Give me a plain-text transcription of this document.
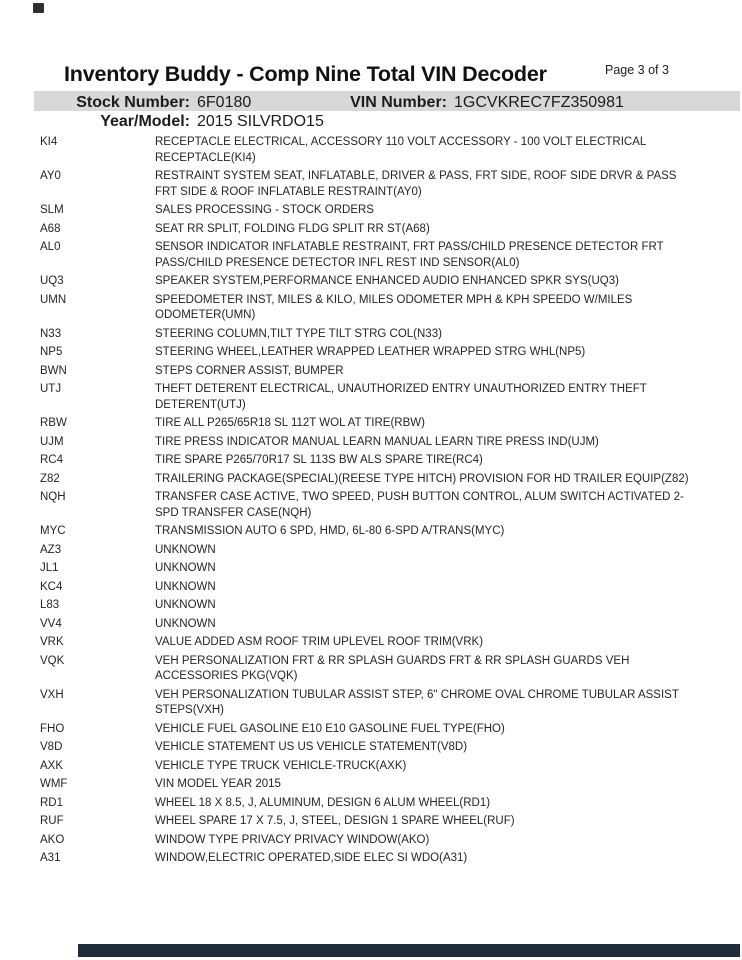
Inventory Buddy - Comp Nine Total VIN Decoder	Page 3 of 3
Stock Number: 6F0180	VIN Number: 1GCVKREC7FZ350981
Year/Model: 2015 SILVRDO15
KI4	RECEPTACLE ELECTRICAL, ACCESSORY 110 VOLT ACCESSORY - 100 VOLT ELECTRICAL RECEPTACLE(KI4)
AY0	RESTRAINT SYSTEM SEAT, INFLATABLE, DRIVER & PASS, FRT SIDE, ROOF SIDE DRVR & PASS FRT SIDE & ROOF INFLATABLE RESTRAINT(AY0)
SLM	SALES PROCESSING - STOCK ORDERS
A68	SEAT RR SPLIT, FOLDING FLDG SPLIT RR ST(A68)
AL0	SENSOR INDICATOR INFLATABLE RESTRAINT, FRT PASS/CHILD PRESENCE DETECTOR FRT PASS/CHILD PRESENCE DETECTOR INFL REST IND SENSOR(AL0)
UQ3	SPEAKER SYSTEM,PERFORMANCE ENHANCED AUDIO ENHANCED SPKR SYS(UQ3)
UMN	SPEEDOMETER INST, MILES & KILO, MILES ODOMETER MPH & KPH SPEEDO W/MILES ODOMETER(UMN)
N33	STEERING COLUMN,TILT TYPE TILT STRG COL(N33)
NP5	STEERING WHEEL,LEATHER WRAPPED LEATHER WRAPPED STRG WHL(NP5)
BWN	STEPS CORNER ASSIST, BUMPER
UTJ	THEFT DETERENT ELECTRICAL, UNAUTHORIZED ENTRY UNAUTHORIZED ENTRY THEFT DETERENT(UTJ)
RBW	TIRE ALL P265/65R18 SL 112T WOL AT TIRE(RBW)
UJM	TIRE PRESS INDICATOR MANUAL LEARN MANUAL LEARN TIRE PRESS IND(UJM)
RC4	TIRE SPARE P265/70R17 SL 113S BW ALS SPARE TIRE(RC4)
Z82	TRAILERING PACKAGE(SPECIAL)(REESE TYPE HITCH) PROVISION FOR HD TRAILER EQUIP(Z82)
NQH	TRANSFER CASE ACTIVE, TWO SPEED, PUSH BUTTON CONTROL, ALUM SWITCH ACTIVATED 2-SPD TRANSFER CASE(NQH)
MYC	TRANSMISSION AUTO 6 SPD, HMD, 6L-80 6-SPD A/TRANS(MYC)
AZ3	UNKNOWN
JL1	UNKNOWN
KC4	UNKNOWN
L83	UNKNOWN
VV4	UNKNOWN
VRK	VALUE ADDED ASM ROOF TRIM UPLEVEL ROOF TRIM(VRK)
VQK	VEH PERSONALIZATION FRT & RR SPLASH GUARDS FRT & RR SPLASH GUARDS VEH ACCESSORIES PKG(VQK)
VXH	VEH PERSONALIZATION TUBULAR ASSIST STEP, 6" CHROME OVAL CHROME TUBULAR ASSIST STEPS(VXH)
FHO	VEHICLE FUEL GASOLINE E10 E10 GASOLINE FUEL TYPE(FHO)
V8D	VEHICLE STATEMENT US US VEHICLE STATEMENT(V8D)
AXK	VEHICLE TYPE TRUCK VEHICLE-TRUCK(AXK)
WMF	VIN MODEL YEAR 2015
RD1	WHEEL 18 X 8.5, J, ALUMINUM, DESIGN 6 ALUM WHEEL(RD1)
RUF	WHEEL SPARE 17 X 7.5, J, STEEL, DESIGN 1 SPARE WHEEL(RUF)
AKO	WINDOW TYPE PRIVACY PRIVACY WINDOW(AKO)
A31	WINDOW,ELECTRIC OPERATED,SIDE ELEC SI WDO(A31)
